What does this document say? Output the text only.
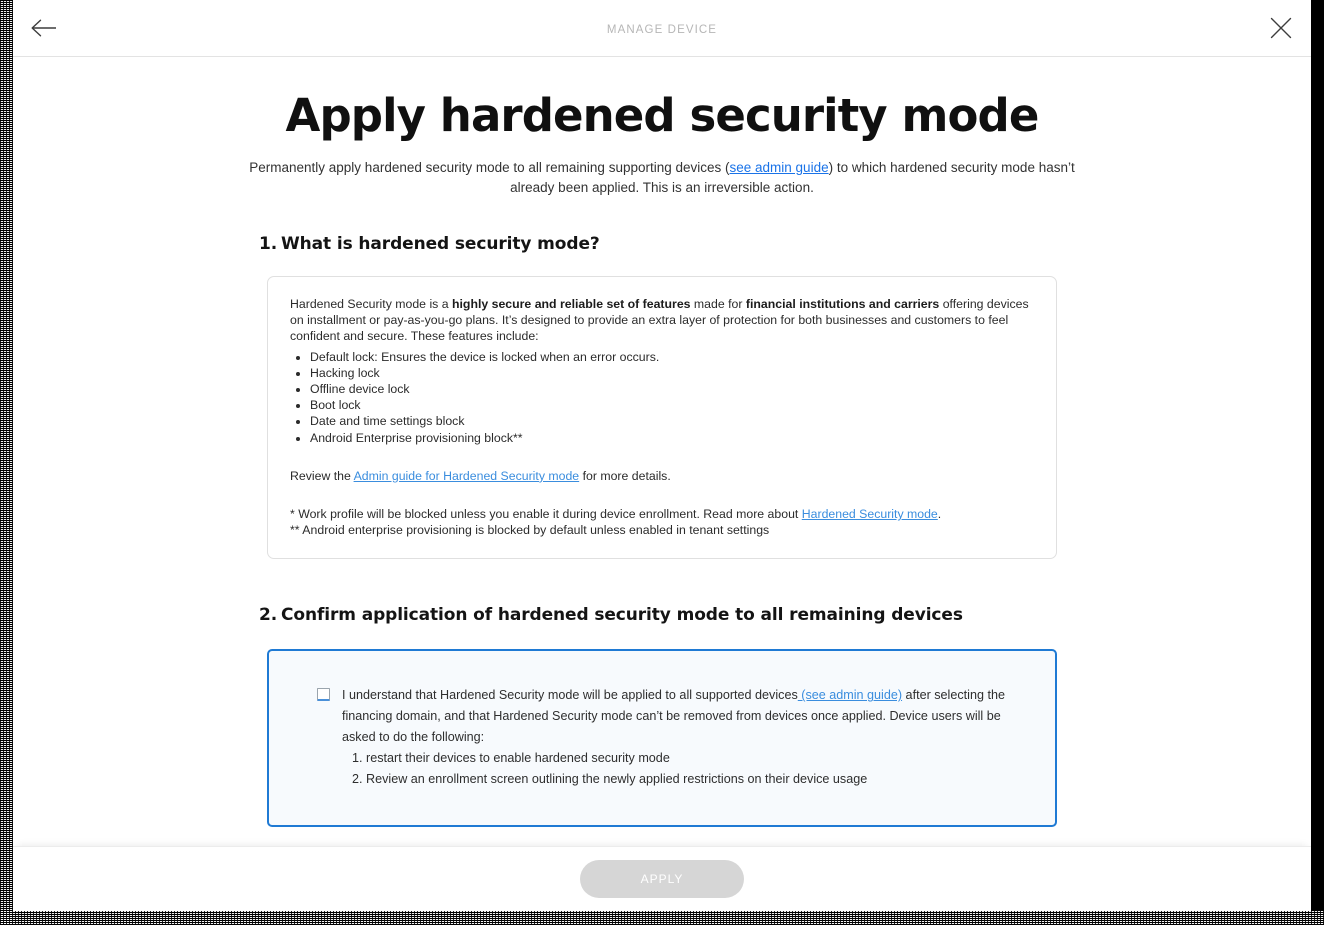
MANAGE DEVICE
Apply hardened security mode

Permanently apply hardened security mode to all remaining supporting devices (see admin guide) to which hardened security mode hasn’t already been applied. This is an irreversible action.

1. What is hardened security mode?

Hardened Security mode is a highly secure and reliable set of features made for financial institutions and carriers offering devices on installment or pay-as-you-go plans. It’s designed to provide an extra layer of protection for both businesses and customers to feel confident and secure. These features include:

• Default lock: Ensures the device is locked when an error occurs.
• Hacking lock
• Offline device lock
• Boot lock
• Date and time settings block
• Android Enterprise provisioning block**

Review the Admin guide for Hardened Security mode for more details.

* Work profile will be blocked unless you enable it during device enrollment. Read more about Hardened Security mode.

** Android enterprise provisioning is blocked by default unless enabled in tenant settings

2. Confirm application of hardened security mode to all remaining devices
I understand that Hardened Security mode will be applied to all supported devices (see admin guide) after selecting the financing domain, and that Hardened Security mode can’t be removed from devices once applied. Device users will be asked to do the following:
1. restart their devices to enable hardened security mode
2. Review an enrollment screen outlining the newly applied restrictions on their device usage
APPLY
